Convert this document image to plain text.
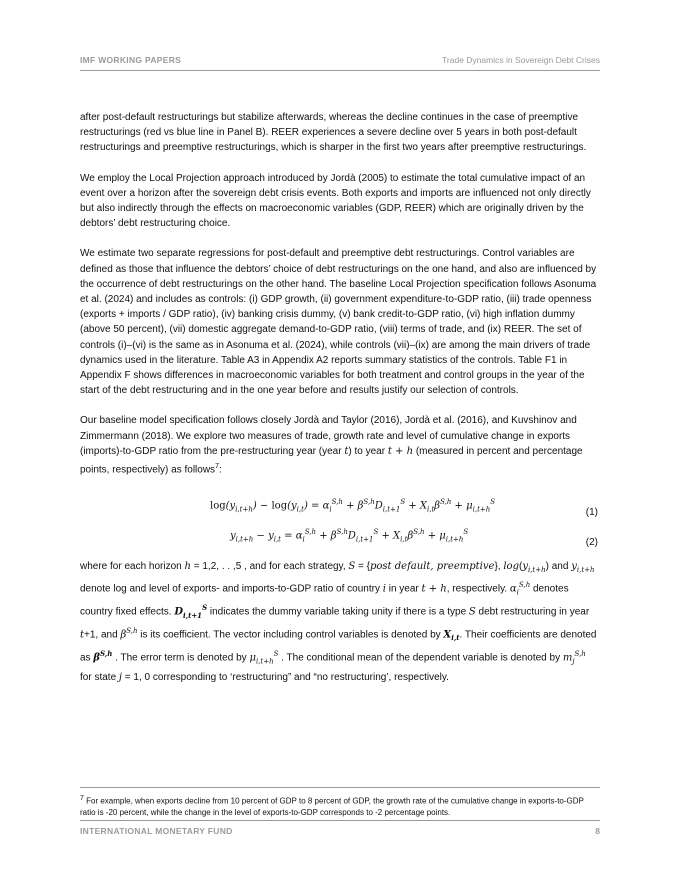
IMF WORKING PAPERS	Trade Dynamics in Sovereign Debt Crises

after post-default restructurings but stabilize afterwards, whereas the decline continues in the case of preemptive restructurings (red vs blue line in Panel B). REER experiences a severe decline over 5 years in both post-default restructurings and preemptive restructurings, which is sharper in the first two years after preemptive restructurings.

We employ the Local Projection approach introduced by Jordà (2005) to estimate the total cumulative impact of an event over a horizon after the sovereign debt crisis events. Both exports and imports are influenced not only directly but also indirectly through the effects on macroeconomic variables (GDP, REER) which are originally driven by the debtors’ debt restructuring choice.

We estimate two separate regressions for post-default and preemptive debt restructurings. Control variables are defined as those that influence the debtors’ choice of debt restructurings on the one hand, and also are influenced by the occurrence of debt restructurings on the other hand. The baseline Local Projection specification follows Asonuma et al. (2024) and includes as controls: (i) GDP growth, (ii) government expenditure-to-GDP ratio, (iii) trade openness (exports + imports / GDP ratio), (iv) banking crisis dummy, (v) bank credit-to-GDP ratio, (vi) high inflation dummy (above 50 percent), (vii) domestic aggregate demand-to-GDP ratio, (viii) terms of trade, and (ix) REER. The set of controls (i)–(vi) is the same as in Asonuma et al. (2024), while controls (vii)–(ix) are among the main drivers of trade dynamics used in the literature. Table A3 in Appendix A2 reports summary statistics of the controls. Table F1 in Appendix F shows differences in macroeconomic variables for both treatment and control groups in the year of the start of the debt restructuring and in the one year before and results justify our selection of controls.

Our baseline model specification follows closely Jordà and Taylor (2016), Jordà et al. (2016), and Kuvshinov and Zimmermann (2018). We explore two measures of trade, growth rate and level of cumulative change in exports (imports)-to-GDP ratio from the pre-restructuring year (year t) to year t + h (measured in percent and percentage points, respectively) as follows$^7$:

$\log(y_{i,t+h}) - \log(y_{i,t}) = \alpha_i^{S,h} + \beta^{S,h}D_{i,t+1}^S + X_{i,t}\beta^{S,h} + \mu_{i,t+h}^S$
(1)
$y_{i,t+h} - y_{i,t} = \alpha_i^{S,h} + \beta^{S,h}D_{i,t+1}^S + X_{i,t}\beta^{S,h} + \mu_{i,t+h}^S$
(2)

where for each horizon h = 1,2, . . ,5 , and for each strategy, S = {post default, preemptive}, $\log(y_{i,t+h})$ and $y_{i,t+h}$ denote log and level of exports- and imports-to-GDP ratio of country i in year t + h, respectively. $\alpha_i^{S,h}$ denotes country fixed effects. $D_{i,t+1}^S$ indicates the dummy variable taking unity if there is a type S debt restructuring in year t+1, and $\beta^{S,h}$ is its coefficient. The vector including control variables is denoted by $X_{i,t}$. Their coefficients are denoted as $\beta^{S,h}$ . The error term is denoted by $\mu_{i,t+h}^S$ . The conditional mean of the dependent variable is denoted by $m_j^{S,h}$ for state j = 1, 0 corresponding to ‘restructuring” and “no restructuring’, respectively.

$^7$ For example, when exports decline from 10 percent of GDP to 8 percent of GDP, the growth rate of the cumulative change in exports-to-GDP ratio is -20 percent, while the change in the level of exports-to-GDP corresponds to -2 percentage points.
INTERNATIONAL MONETARY FUND	8
